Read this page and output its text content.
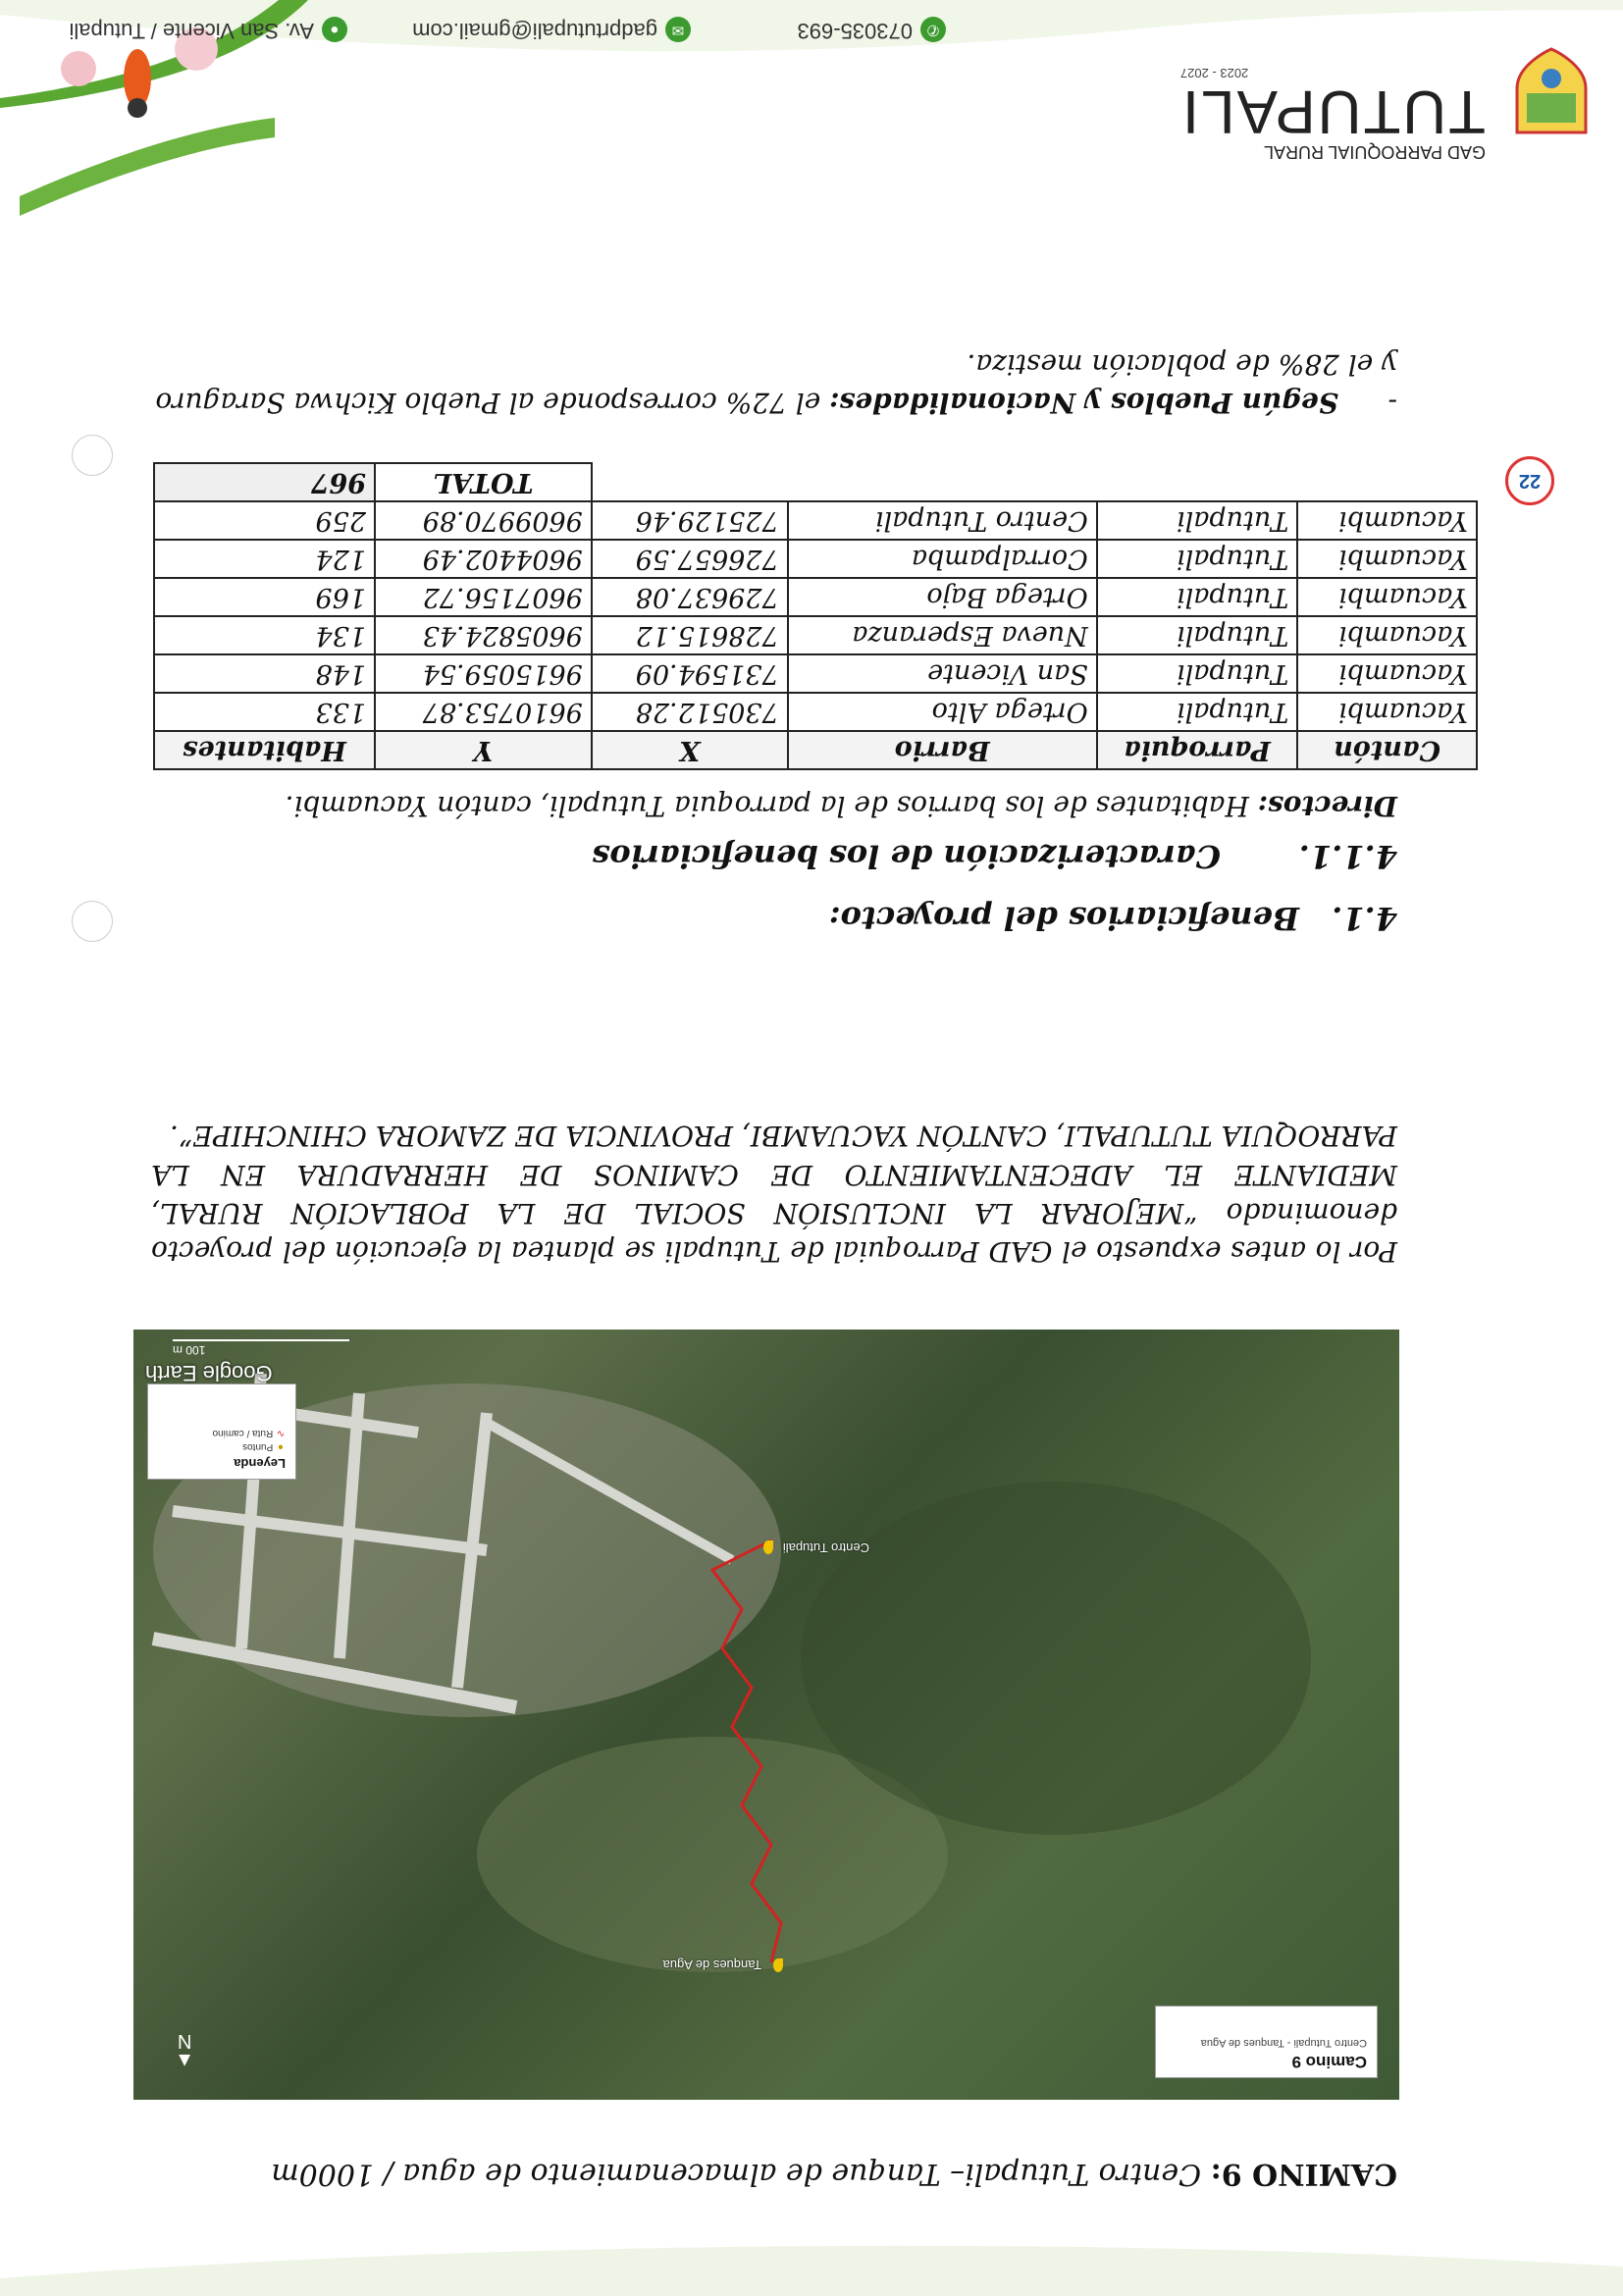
GAD PARROQUIAL RURAL
TUTUPALI
2023 - 2027
22
CAMINO 9: Centro Tutupali– Tanque de almacenamiento de agua / 1000m
Camino 9
Centro Tutupali - Tanques de Agua
Tanques de Agua
Centro Tutupali
Leyenda
● Puntos
∿ Ruta / camino
Google Earth
100 m
▲
N
Por lo antes expuesto el GAD Parroquial de Tutupali se plantea la ejecución del proyecto denominado “MEJORAR LA INCLUSIÓN SOCIAL DE LA POBLACIÓN RURAL, MEDIANTE EL ADECENTAMIENTO DE CAMINOS DE HERRADURA EN LA PARROQUIA TUTUPALI, CANTÓN YACUAMBI, PROVINCIA DE ZAMORA CHINCHIPE”.
4.1.Beneficiarios del proyecto:
4.1.1.Caracterización de los beneficiarios
Directos: Habitantes de los barrios de la parroquia Tutupali, cantón Yacuambi.
Cantón	Parroquia	Barrio	X	Y	Habitantes
Yacuambi	Tutupali	Ortega Alto	730512.28	9610753.87	133
Yacuambi	Tutupali	San Vicente	731594.09	9615059.54	148
Yacuambi	Tutupali	Nueva Esperanza	728615.12	9605824.43	134
Yacuambi	Tutupali	Ortega Bajo	729637.08	9607156.72	169
Yacuambi	Tutupali	Corralpamba	726657.59	9604402.49	124
Yacuambi	Tutupali	Centro Tutupali	725129.46	9609970.89	259
				TOTAL	967
-Según Pueblos y Nacionalidades: el 72% corresponde al Pueblo Kichwa Saraguro y el 28% de población mestiza.
✆073035-693
✉gadprtutupali@gmail.com
●Av. San Vicente / Tutupali
